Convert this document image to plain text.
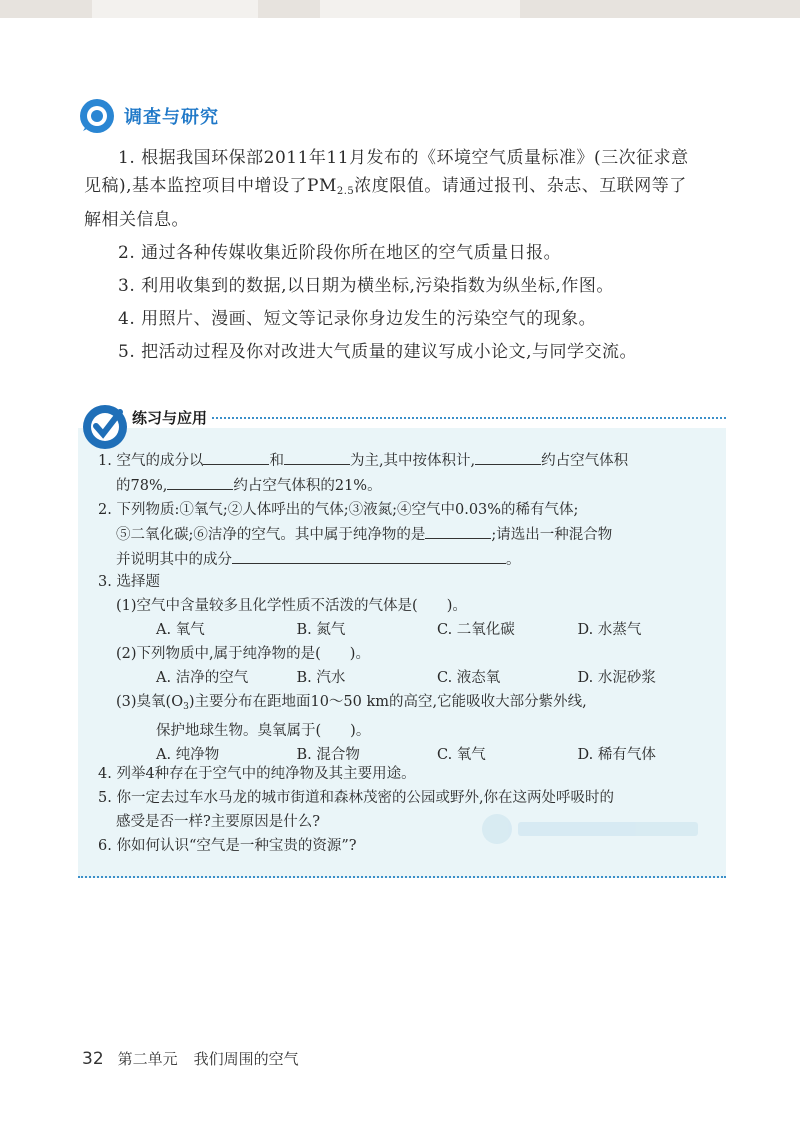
调查与研究

1. 根据我国环保部2011年11月发布的《环境空气质量标准》(三次征求意见稿),基本监控项目中增设了$PM_{2.5}$浓度限值。请通过报刊、杂志、互联网等了解相关信息。

2. 通过各种传媒收集近阶段你所在地区的空气质量日报。

3. 利用收集到的数据,以日期为横坐标,污染指数为纵坐标,作图。

4. 用照片、漫画、短文等记录你身边发生的污染空气的现象。

5. 把活动过程及你对改进大气质量的建议写成小论文,与同学交流。

练习与应用
1. 空气的成分以	和	为主,其中按体积计,	约占空气体积
的78%,	约占空气体积的21%。
2. 下列物质:①氧气;②人体呼出的气体;③液氮;④空气中0.03%的稀有气体;
⑤二氧化碳;⑥洁净的空气。其中属于纯净物的是	;请选出一种混合物
并说明其中的成分	。
3. 选择题
(1)空气中含量较多且化学性质不活泼的气体是(　　)。
A. 氧气	B. 氮气	C. 二氧化碳	D. 水蒸气
(2)下列物质中,属于纯净物的是(　　)。
A. 洁净的空气	B. 汽水	C. 液态氧	D. 水泥砂浆
(3)臭氧$(O_3)$主要分布在距地面10～50 km的高空,它能吸收大部分紫外线,
保护地球生物。臭氧属于(　　)。
A. 纯净物	B. 混合物	C. 氧气	D. 稀有气体
4. 列举4种存在于空气中的纯净物及其主要用途。
5. 你一定去过车水马龙的城市街道和森林茂密的公园或野外,你在这两处呼吸时的
感受是否一样?主要原因是什么?
6. 你如何认识“空气是一种宝贵的资源”?
32 第二单元 我们周围的空气
